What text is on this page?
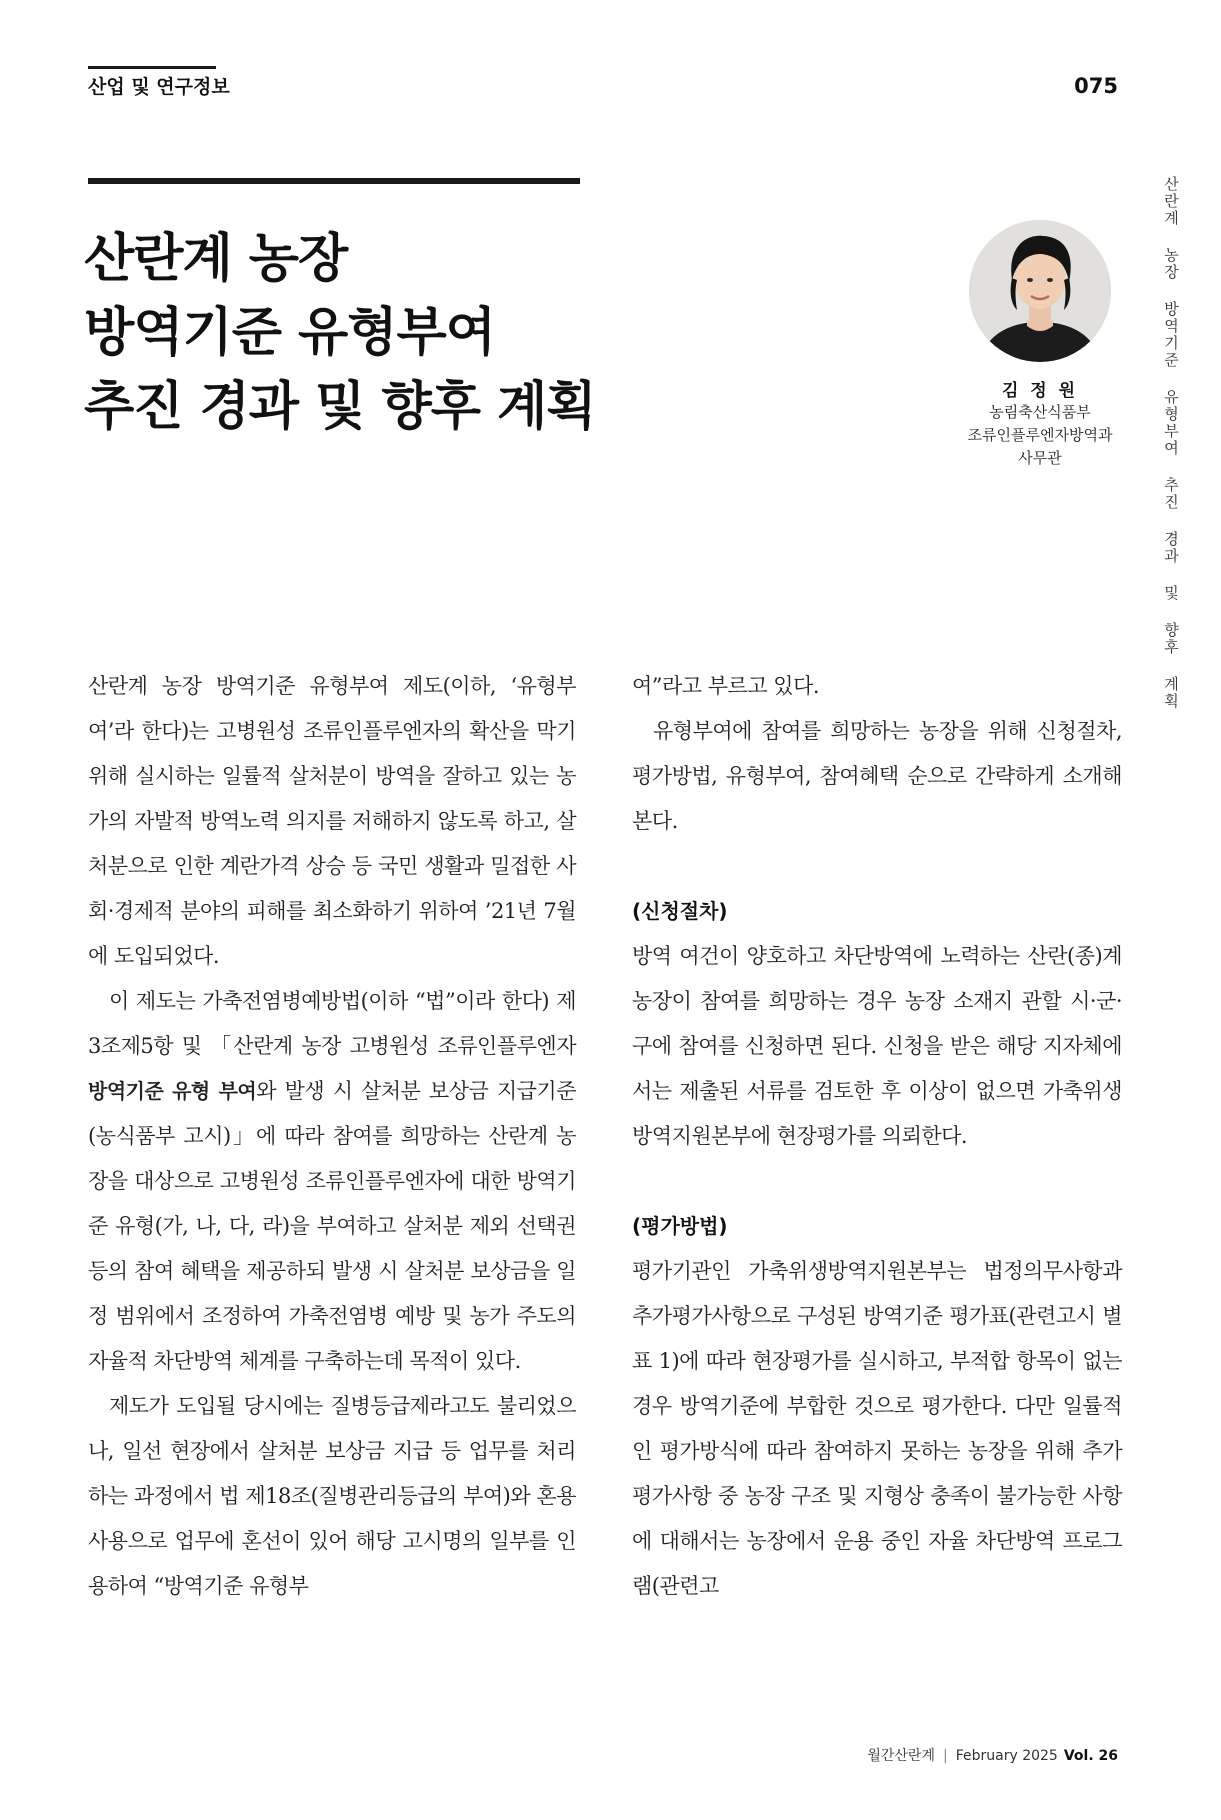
산업 및 연구정보	075

산란계 농장
방역기준 유형부여
추진 경과 및 향후 계획	김 정 원
농림축산식품부
조류인플루엔자방역과
사무관	산란계 농장 방역기준 유형부여 추진 경과 및 향후 계획

산란계 농장 방역기준 유형부여 제도(이하, ‘유형부여’라 한다)는 고병원성 조류인플루엔자의 확산을 막기 위해 실시하는 일률적 살처분이 방역을 잘하고 있는 농가의 자발적 방역노력 의지를 저해하지 않도록 하고, 살처분으로 인한 계란가격 상승 등 국민 생활과 밀접한 사회·경제적 분야의 피해를 최소화하기 위하여 ’21년 7월에 도입되었다.

이 제도는 가축전염병예방법(이하 “법”이라 한다) 제3조제5항 및 「산란계 농장 고병원성 조류인플루엔자 방역기준 유형 부여와 발생 시 살처분 보상금 지급기준(농식품부 고시)」에 따라 참여를 희망하는 산란계 농장을 대상으로 고병원성 조류인플루엔자에 대한 방역기준 유형(가, 나, 다, 라)을 부여하고 살처분 제외 선택권 등의 참여 혜택을 제공하되 발생 시 살처분 보상금을 일정 범위에서 조정하여 가축전염병 예방 및 농가 주도의 자율적 차단방역 체계를 구축하는데 목적이 있다.

제도가 도입될 당시에는 질병등급제라고도 불리었으나, 일선 현장에서 살처분 보상금 지급 등 업무를 처리하는 과정에서 법 제18조(질병관리등급의 부여)와 혼용 사용으로 업무에 혼선이 있어 해당 고시명의 일부를 인용하여 “방역기준 유형부

여”라고 부르고 있다.

유형부여에 참여를 희망하는 농장을 위해 신청절차, 평가방법, 유형부여, 참여혜택 순으로 간략하게 소개해 본다.

(신청절차)

방역 여건이 양호하고 차단방역에 노력하는 산란(종)계 농장이 참여를 희망하는 경우 농장 소재지 관할 시·군·구에 참여를 신청하면 된다. 신청을 받은 해당 지자체에서는 제출된 서류를 검토한 후 이상이 없으면 가축위생방역지원본부에 현장평가를 의뢰한다.

(평가방법)

평가기관인 가축위생방역지원본부는 법정의무사항과 추가평가사항으로 구성된 방역기준 평가표(관련고시 별표 1)에 따라 현장평가를 실시하고, 부적합 항목이 없는 경우 방역기준에 부합한 것으로 평가한다. 다만 일률적인 평가방식에 따라 참여하지 못하는 농장을 위해 추가 평가사항 중 농장 구조 및 지형상 충족이 불가능한 사항에 대해서는 농장에서 운용 중인 자율 차단방역 프로그램(관련고

월간산란계 | February 2025 Vol. 26
